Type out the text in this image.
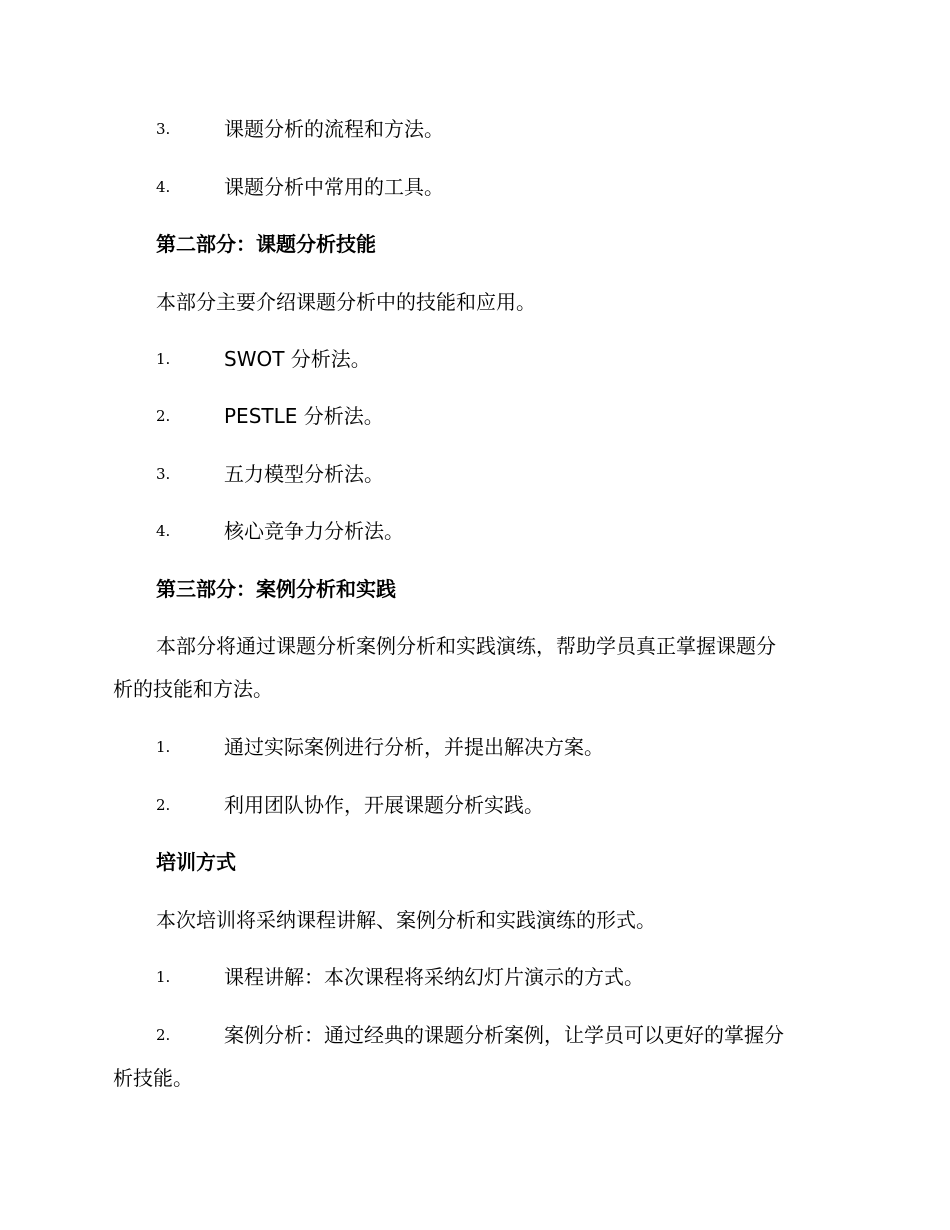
3.	课题分析的流程和方法。
4.	课题分析中常用的工具。
第二部分：课题分析技能
本部分主要介绍课题分析中的技能和应用。
1.	SWOT 分析法。
2.	PESTLE 分析法。
3.	五力模型分析法。
4.	核心竞争力分析法。
第三部分：案例分析和实践
本部分将通过课题分析案例分析和实践演练，帮助学员真正掌握课题分
析的技能和方法。
1.	通过实际案例进行分析，并提出解决方案。
2.	利用团队协作，开展课题分析实践。
培训方式
本次培训将采纳课程讲解、案例分析和实践演练的形式。
1.	课程讲解：本次课程将采纳幻灯片演示的方式。
2.	案例分析：通过经典的课题分析案例，让学员可以更好的掌握分
析技能。
